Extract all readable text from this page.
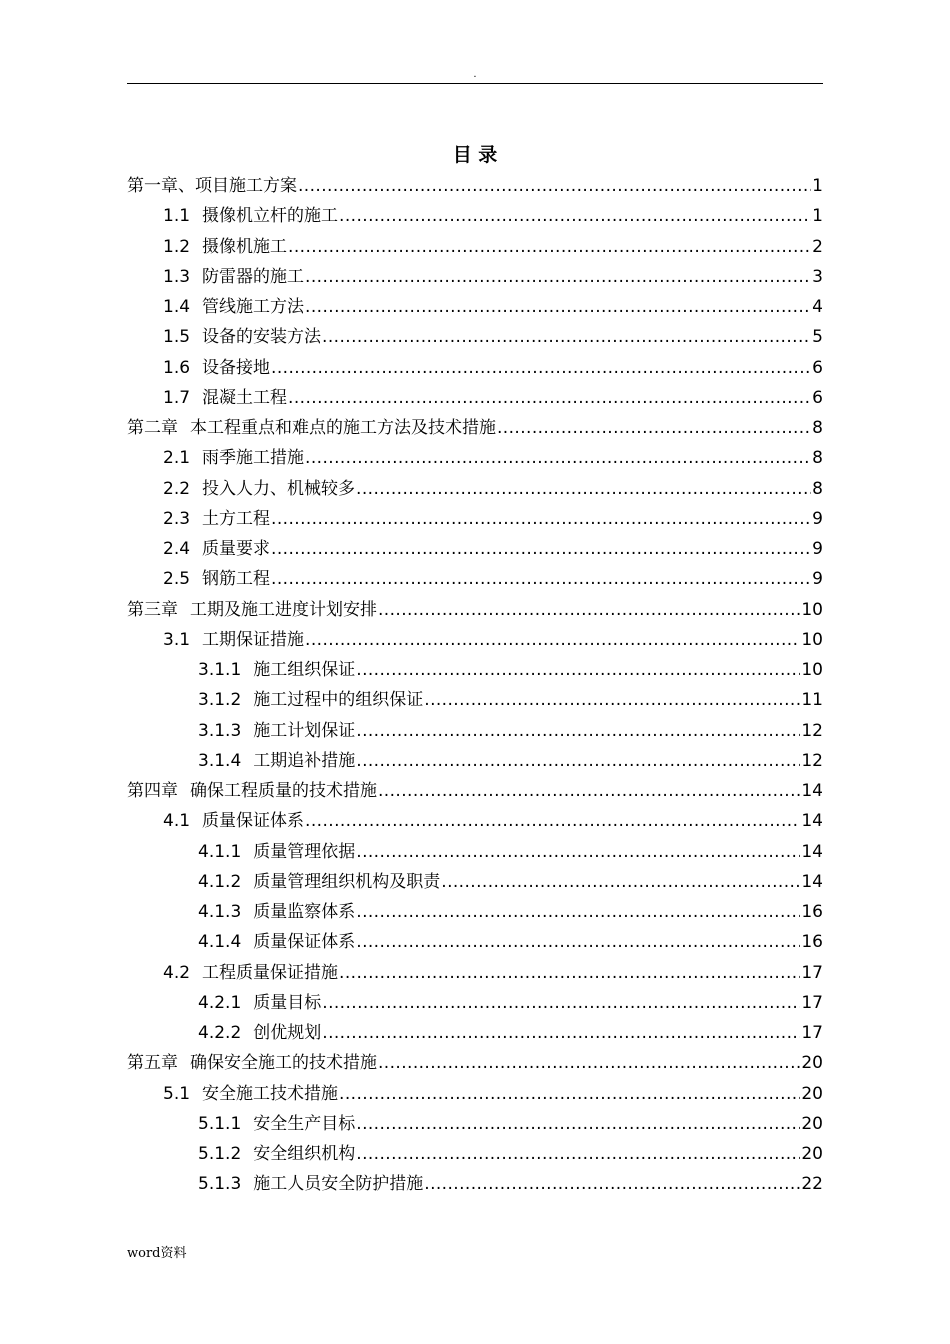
.
目 录
第一章、项目施工方案 .....	1
1.1 摄像机立杆的施工 .....	1
1.2 摄像机施工 .....	2
1.3 防雷器的施工 .....	3
1.4 管线施工方法 .....	4
1.5 设备的安装方法 .....	5
1.6 设备接地 .....	6
1.7 混凝土工程 .....	6
第二章 本工程重点和难点的施工方法及技术措施 .....	8
2.1 雨季施工措施 .....	8
2.2 投入人力、机械较多 .....	8
2.3 土方工程 .....	9
2.4 质量要求 .....	9
2.5 钢筋工程 .....	9
第三章 工期及施工进度计划安排 .....	10
3.1 工期保证措施 .....	10
3.1.1 施工组织保证 .....	10
3.1.2 施工过程中的组织保证 .....	11
3.1.3 施工计划保证 .....	12
3.1.4 工期追补措施 .....	12
第四章 确保工程质量的技术措施 .....	14
4.1 质量保证体系 .....	14
4.1.1 质量管理依据 .....	14
4.1.2 质量管理组织机构及职责 .....	14
4.1.3 质量监察体系 .....	16
4.1.4 质量保证体系 .....	16
4.2 工程质量保证措施 .....	17
4.2.1 质量目标 .....	17
4.2.2 创优规划 .....	17
第五章 确保安全施工的技术措施 .....	20
5.1 安全施工技术措施 .....	20
5.1.1 安全生产目标 .....	20
5.1.2 安全组织机构 .....	20
5.1.3 施工人员安全防护措施 .....	22
word资料
